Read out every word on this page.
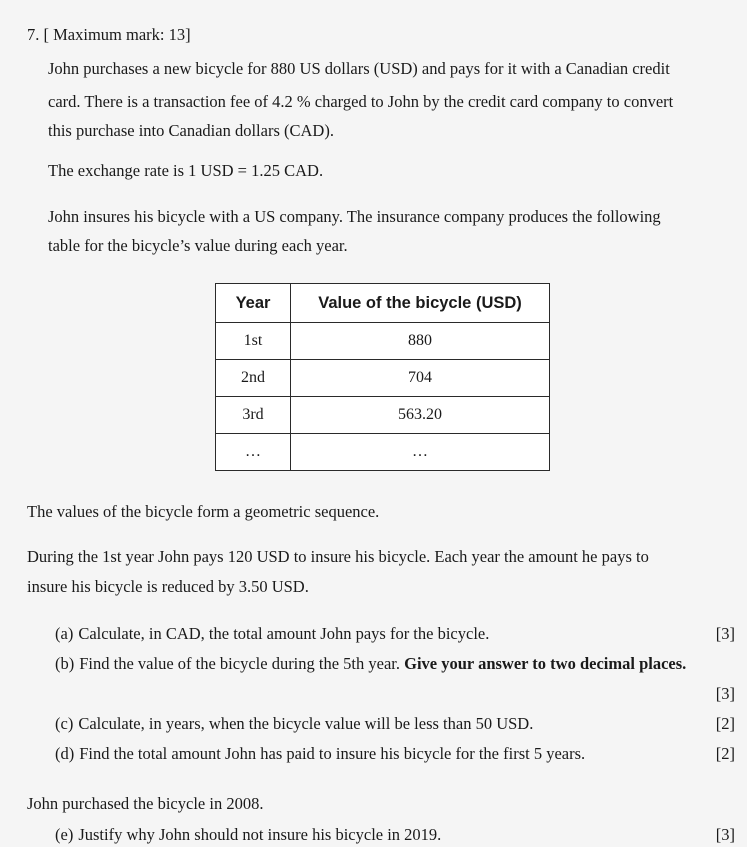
7. [ Maximum mark: 13]
John purchases a new bicycle for 880 US dollars (USD) and pays for it with a Canadian credit
card. There is a transaction fee of 4.2 % charged to John by the credit card company to convert
this purchase into Canadian dollars (CAD).
The exchange rate is 1 USD = 1.25 CAD.
John insures his bicycle with a US company. The insurance company produces the following
table for the bicycle’s value during each year.
Year	Value of the bicycle (USD)
1st	880
2nd	704
3rd	563.20
…	…
The values of the bicycle form a geometric sequence.
During the 1st year John pays 120 USD to insure his bicycle. Each year the amount he pays to
insure his bicycle is reduced by 3.50 USD.
(a) Calculate, in CAD, the total amount John pays for the bicycle.	[3]
(b) Find the value of the bicycle during the 5th year. Give your answer to two decimal places.
[3]
(c) Calculate, in years, when the bicycle value will be less than 50 USD.	[2]
(d) Find the total amount John has paid to insure his bicycle for the first 5 years.	[2]
John purchased the bicycle in 2008.
(e) Justify why John should not insure his bicycle in 2019.	[3]
